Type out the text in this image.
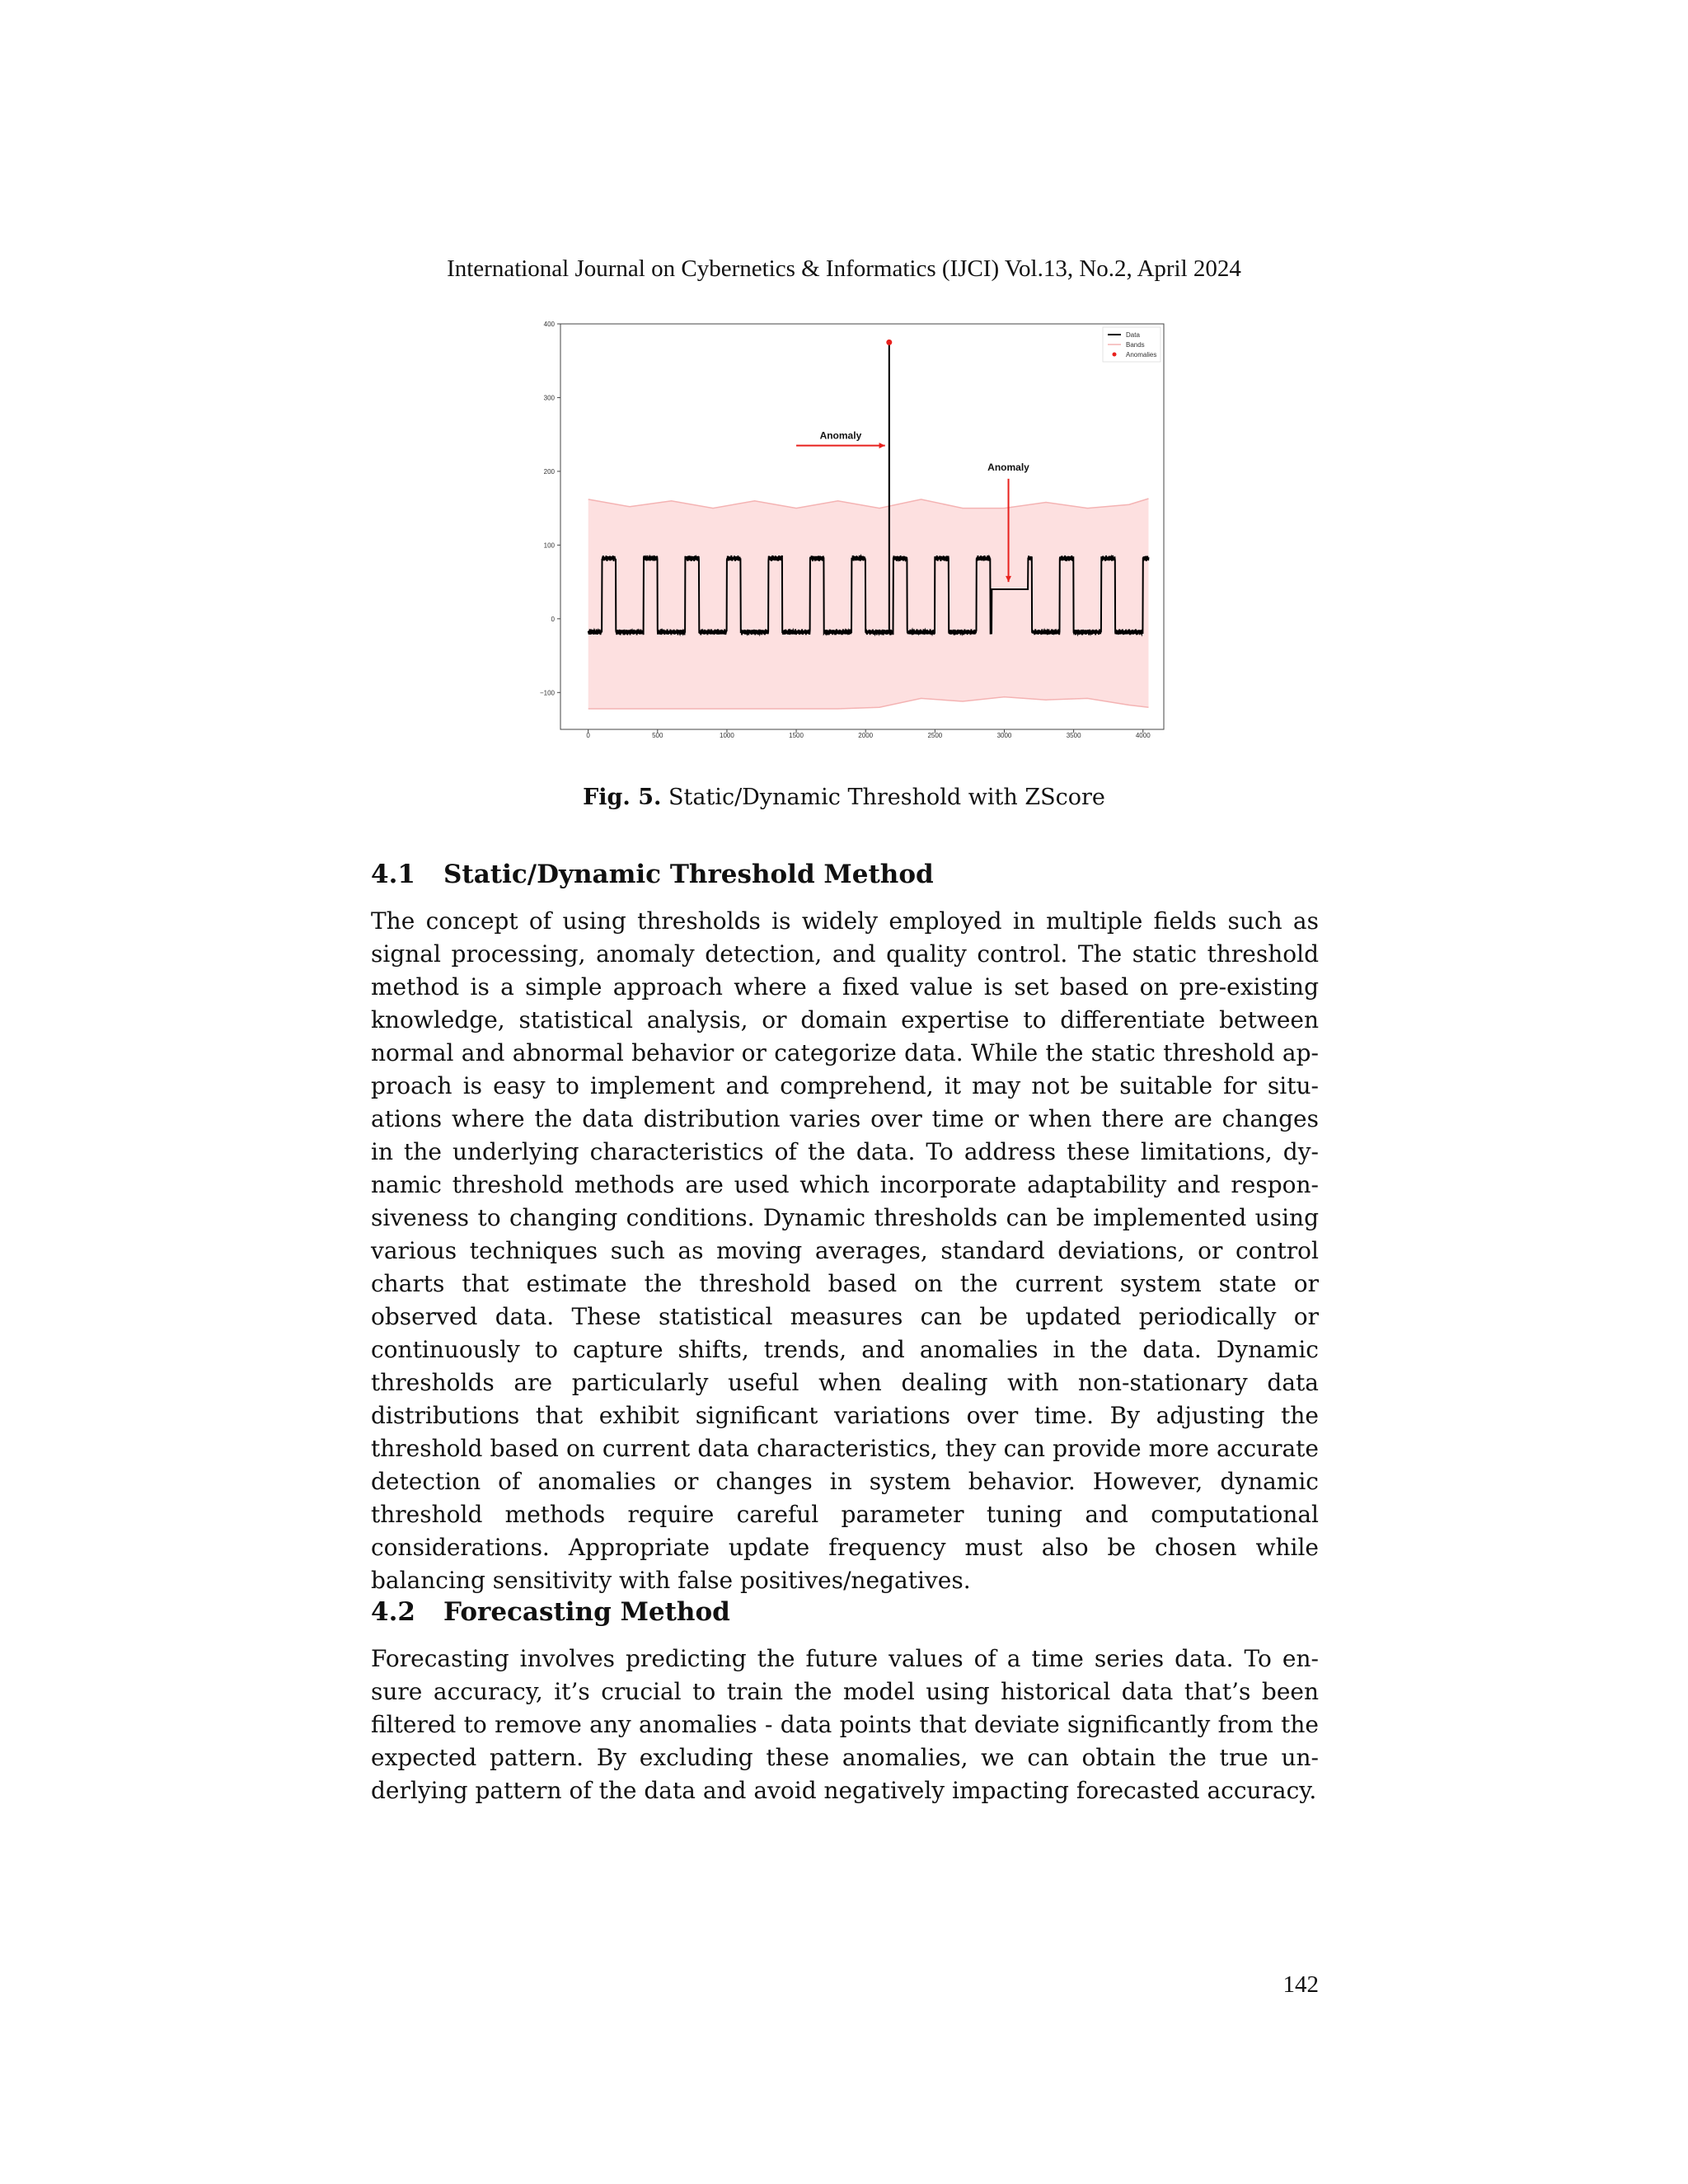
International Journal on Cybernetics & Informatics (IJCI) Vol.13, No.2, April 2024
Anomaly
Anomaly
0	500	1000	1500	2000	2500	3000	3500	4000
−100
0
100
200
300
400
Data
Bands
Anomalies
Fig. 5. Static/Dynamic Threshold with ZScore
4.1 Static/Dynamic Threshold Method
The concept of using thresholds is widely employed in multiple fields such as signal processing, anomaly detection, and quality control. The static threshold method is a simple approach where a fixed value is set based on pre-existing knowledge, statistical analysis, or domain expertise to differentiate between normal and abnormal behavior or categorize data. While the static threshold approach is easy to implement and comprehend, it may not be suitable for situations where the data distribution varies over time or when there are changes in the underlying characteristics of the data. To address these limitations, dynamic threshold methods are used which incorporate adaptability and responsiveness to changing conditions. Dynamic thresholds can be implemented using various techniques such as moving averages, standard deviations, or control charts that estimate the threshold based on the current system state or observed data. These statistical measures can be updated periodically or continuously to capture shifts, trends, and anomalies in the data. Dynamic thresholds are particularly useful when dealing with non-stationary data distributions that exhibit significant variations over time. By adjusting the threshold based on current data characteristics, they can provide more accurate detection of anomalies or changes in system behavior. However, dynamic threshold methods require careful parameter tuning and computational considerations. Appropriate update frequency must also be chosen while balancing sensitivity with false positives/negatives.
4.2 Forecasting Method
Forecasting involves predicting the future values of a time series data. To ensure accuracy, it’s crucial to train the model using historical data that’s been filtered to remove any anomalies - data points that deviate significantly from the expected pattern. By excluding these anomalies, we can obtain the true underlying pattern of the data and avoid negatively impacting forecasted accuracy.
142
